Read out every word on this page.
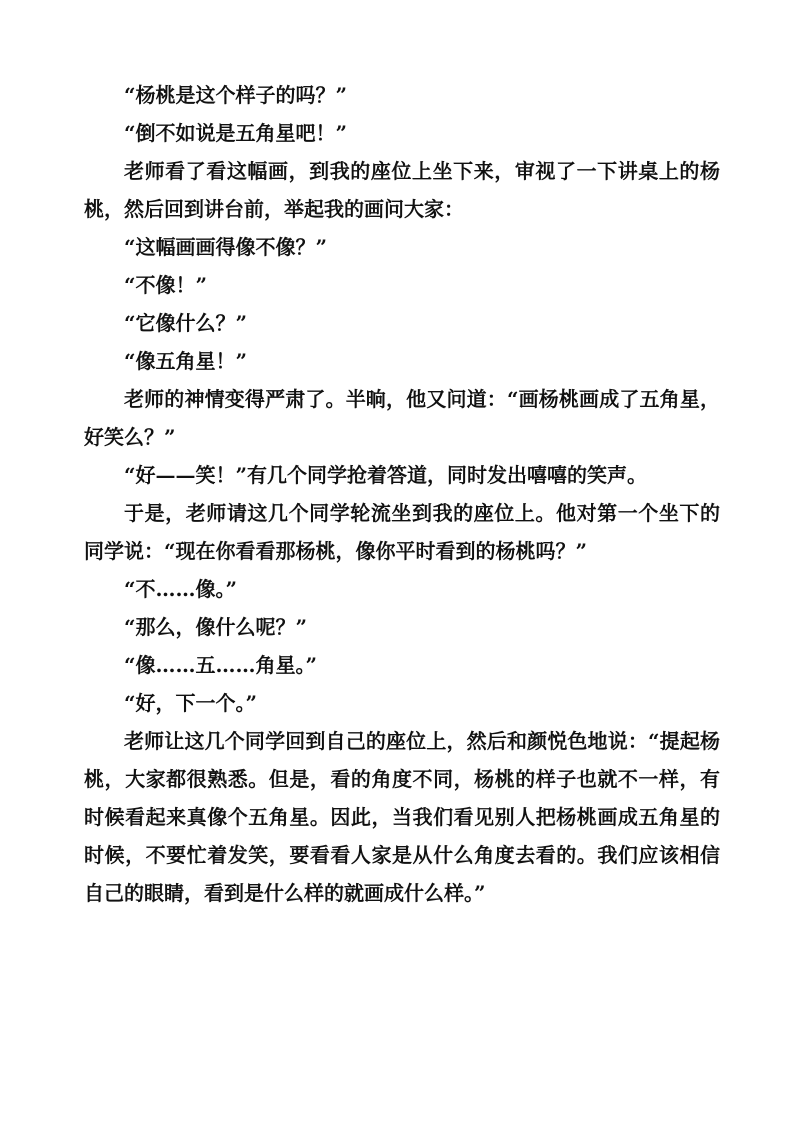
“杨桃是这个样子的吗？”

“倒不如说是五角星吧！”

老师看了看这幅画，到我的座位上坐下来，审视了一下讲桌上的杨桃，然后回到讲台前，举起我的画问大家：

“这幅画画得像不像？”

“不像！”

“它像什么？”

“像五角星！”

老师的神情变得严肃了。半晌，他又问道：“画杨桃画成了五角星，好笑么？”

“好——笑！”有几个同学抢着答道，同时发出嘻嘻的笑声。

于是，老师请这几个同学轮流坐到我的座位上。他对第一个坐下的同学说：“现在你看看那杨桃，像你平时看到的杨桃吗？”

“不……像。”

“那么，像什么呢？”

“像……五……角星。”

“好，下一个。”

老师让这几个同学回到自己的座位上，然后和颜悦色地说：“提起杨桃，大家都很熟悉。但是，看的角度不同，杨桃的样子也就不一样，有时候看起来真像个五角星。因此，当我们看见别人把杨桃画成五角星的时候，不要忙着发笑，要看看人家是从什么角度去看的。我们应该相信自己的眼睛，看到是什么样的就画成什么样。”
